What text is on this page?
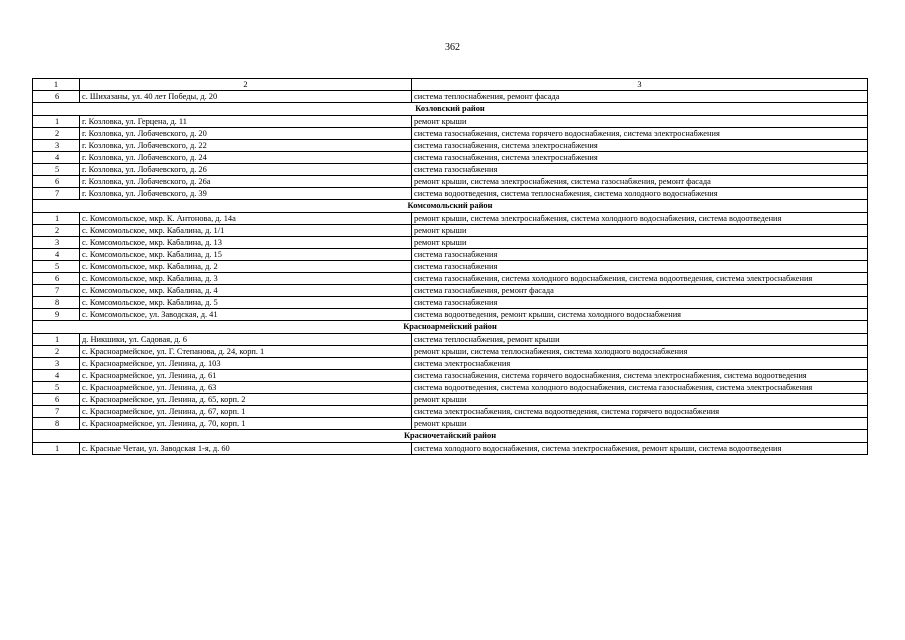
362
1	2	3
6	с. Шихазаны, ул. 40 лет Победы, д. 20	система теплоснабжения, ремонт фасада
Козловский район		
1	г. Козловка, ул. Герцена, д. 11	ремонт крыши
2	г. Козловка, ул. Лобачевского, д. 20	система газоснабжения, система горячего водоснабжения, система электроснабжения
3	г. Козловка, ул. Лобачевского, д. 22	система газоснабжения, система электроснабжения
4	г. Козловка, ул. Лобачевского, д. 24	система газоснабжения, система электроснабжения
5	г. Козловка, ул. Лобачевского, д. 26	система газоснабжения
6	г. Козловка, ул. Лобачевского, д. 26а	ремонт крыши, система электроснабжения, система газоснабжения, ремонт фасада
7	г. Козловка, ул. Лобачевского, д. 39	система водоотведения, система теплоснабжения, система холодного водоснабжения
Комсомольский район		
1	с. Комсомольское, мкр. К. Антонова, д. 14а	ремонт крыши, система электроснабжения, система холодного водоснабжения, система водоотведения
2	с. Комсомольское, мкр. Кабалина, д. 1/1	ремонт крыши
3	с. Комсомольское, мкр. Кабалина, д. 13	ремонт крыши
4	с. Комсомольское, мкр. Кабалина, д. 15	система газоснабжения
5	с. Комсомольское, мкр. Кабалина, д. 2	система газоснабжения
6	с. Комсомольское, мкр. Кабалина, д. 3	система газоснабжения, система холодного водоснабжения, система водоотведения, система электроснабжения
7	с. Комсомольское, мкр. Кабалина, д. 4	система газоснабжения, ремонт фасада
8	с. Комсомольское, мкр. Кабалина, д. 5	система газоснабжения
9	с. Комсомольское, ул. Заводская, д. 41	система водоотведения, ремонт крыши, система холодного водоснабжения
Красноармейский район		
1	д. Никшики, ул. Садовая, д. 6	система теплоснабжения, ремонт крыши
2	с. Красноармейское, ул. Г. Степанова, д. 24, корп. 1	ремонт крыши, система теплоснабжения, система холодного водоснабжения
3	с. Красноармейское, ул. Ленина, д. 103	система электроснабжения
4	с. Красноармейское, ул. Ленина, д. 61	система газоснабжения, система горячего водоснабжения, система электроснабжения, система водоотведения
5	с. Красноармейское, ул. Ленина, д. 63	система водоотведения, система холодного водоснабжения, система газоснабжения, система электроснабжения
6	с. Красноармейское, ул. Ленина, д. 65, корп. 2	ремонт крыши
7	с. Красноармейское, ул. Ленина, д. 67, корп. 1	система электроснабжения, система водоотведения, система горячего водоснабжения
8	с. Красноармейское, ул. Ленина, д. 70, корп. 1	ремонт крыши
Красночетайский район		
1	с. Красные Четаи, ул. Заводская 1-я, д. 60	система холодного водоснабжения, система электроснабжения, ремонт крыши, система водоотведения
